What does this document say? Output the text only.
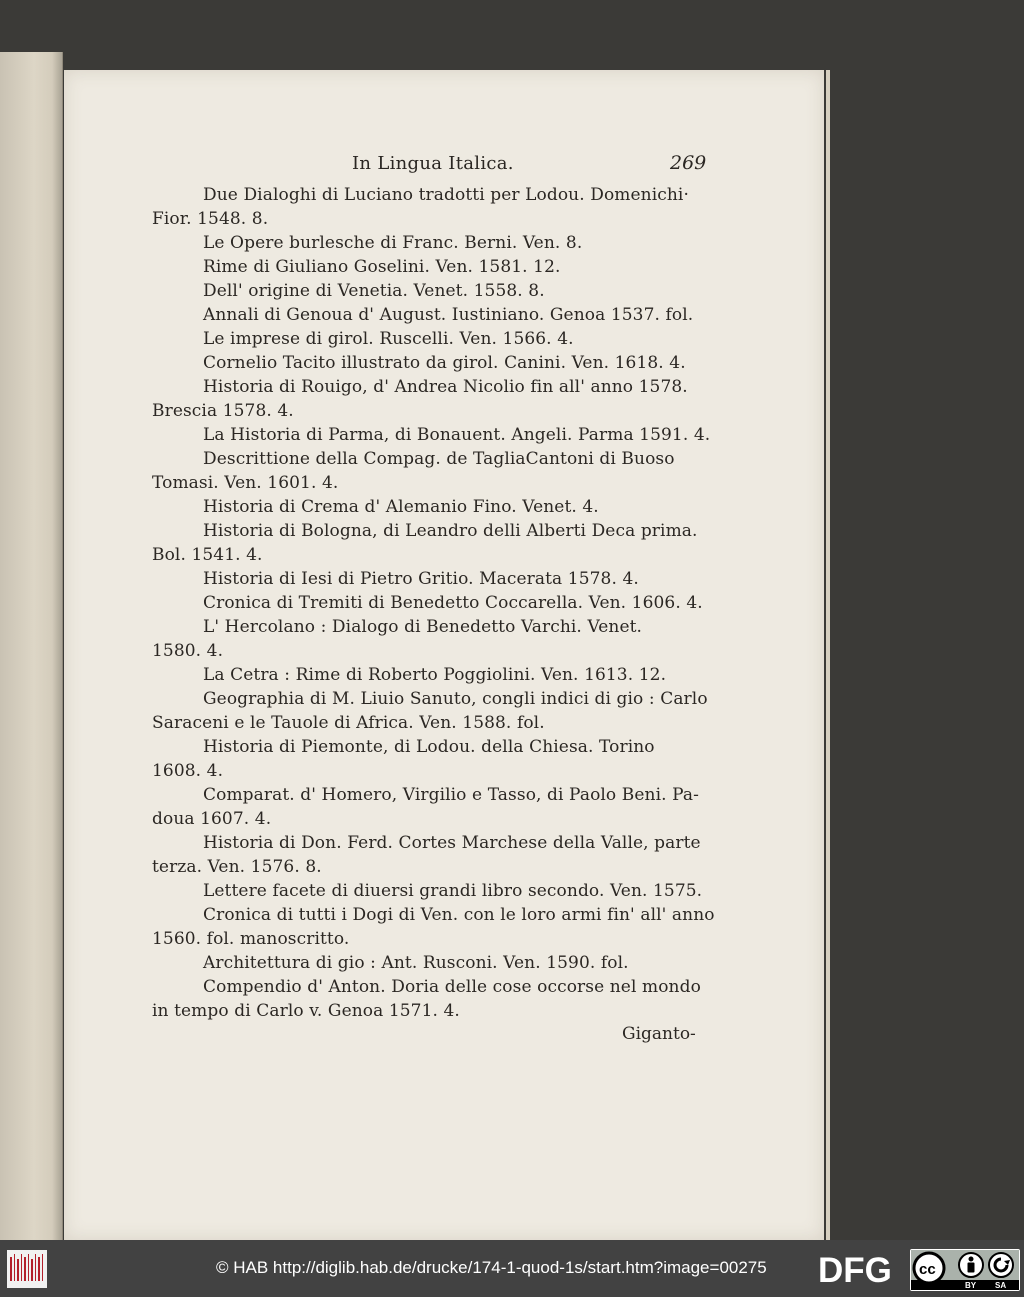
In Lingua Italica.	269
Due Dialoghi di Luciano tradotti per Lodou. Domenichi·
Fior. 1548. 8.
Le Opere burlesche di Franc. Berni. Ven. 8.
Rime di Giuliano Goselini. Ven. 1581. 12.
Dell' origine di Venetia. Venet. 1558. 8.
Annali di Genoua d' August. Iustiniano. Genoa 1537. fol.
Le imprese di girol. Ruscelli. Ven. 1566. 4.
Cornelio Tacito illustrato da girol. Canini. Ven. 1618. 4.
Historia di Rouigo, d' Andrea Nicolio fin all' anno 1578.
Brescia 1578. 4.
La Historia di Parma, di Bonauent. Angeli. Parma 1591. 4.
Descrittione della Compag. de TagliaCantoni di Buoso
Tomasi. Ven. 1601. 4.
Historia di Crema d' Alemanio Fino. Venet. 4.
Historia di Bologna, di Leandro delli Alberti Deca prima.
Bol. 1541. 4.
Historia di Iesi di Pietro Gritio. Macerata 1578. 4.
Cronica di Tremiti di Benedetto Coccarella. Ven. 1606. 4.
L' Hercolano : Dialogo di Benedetto Varchi. Venet.
1580. 4.
La Cetra : Rime di Roberto Poggiolini. Ven. 1613. 12.
Geographia di M. Liuio Sanuto, congli indici di gio : Carlo
Saraceni e le Tauole di Africa. Ven. 1588. fol.
Historia di Piemonte, di Lodou. della Chiesa. Torino
1608. 4.
Comparat. d' Homero, Virgilio e Tasso, di Paolo Beni. Pa-
doua 1607. 4.
Historia di Don. Ferd. Cortes Marchese della Valle, parte
terza. Ven. 1576. 8.
Lettere facete di diuersi grandi libro secondo. Ven. 1575.
Cronica di tutti i Dogi di Ven. con le loro armi fin' all' anno
1560. fol. manoscritto.
Architettura di gio : Ant. Rusconi. Ven. 1590. fol.
Compendio d' Anton. Doria delle cose occorse nel mondo
in tempo di Carlo v. Genoa 1571. 4.
Giganto-
© HAB http://diglib.hab.de/drucke/174-1-quod-1s/start.htm?image=00275 DFG cc
BY SA
